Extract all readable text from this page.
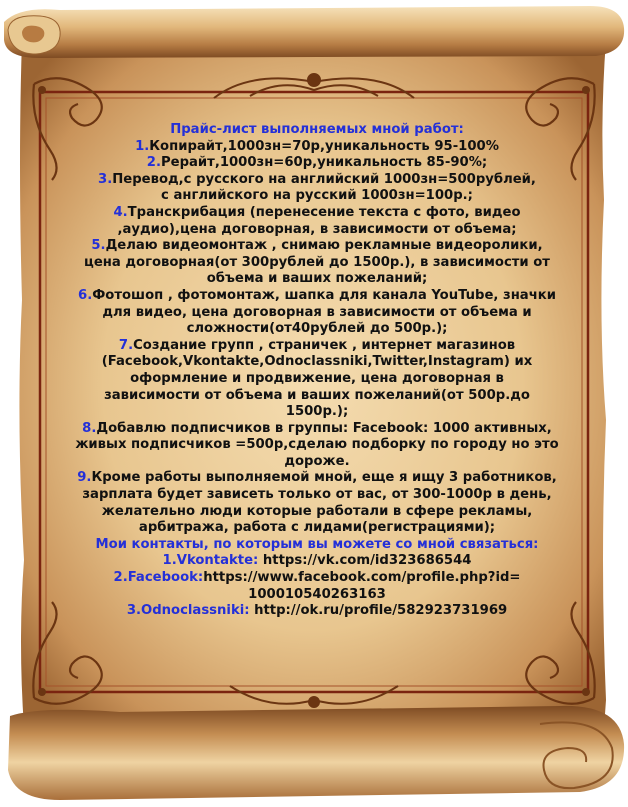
Прайс-лист выполняемых мной работ:

1.Копирайт,1000зн=70р,уникальность 95-100%

2.Рерайт,1000зн=60р,уникальность 85-90%;

3.Перевод,с русского на английский 1000зн=500рублей,

с английского на русский 1000зн=100р.;

4.Транскрибация (перенесение текста с фото, видео

,аудио),цена договорная, в зависимости от объема;

5.Делаю видеомонтаж , снимаю рекламные видеоролики,

цена договорная(от 300рублей до 1500р.), в зависимости от

объема и ваших пожеланий;

6.Фотошоп , фотомонтаж, шапка для канала YouTube, значки

для видео, цена договорная в зависимости от объема и

сложности(от40рублей до 500р.);

7.Создание групп , страничек , интернет магазинов

(Facebook,Vkontakte,Odnoclassniki,Twitter,Instagram) их

оформление и продвижение, цена договорная в

зависимости от объема и ваших пожеланий(от 500р.до

1500р.);

8.Добавлю подписчиков в группы: Facebook: 1000 активных,

живых подписчиков =500р,сделаю подборку по городу но это

дороже.

9.Кроме работы выполняемой мной, еще я ищу 3 работников,

зарплата будет зависеть только от вас, от 300-1000р в день,

желательно люди которые работали в сфере рекламы,

арбитража, работа с лидами(регистрациями);

Мои контакты, по которым вы можете со мной связаться:

1.Vkontakte: https://vk.com/id323686544

2.Facebook:https://www.facebook.com/profile.php?id=

100010540263163

3.Odnoclassniki: http://ok.ru/profile/582923731969
